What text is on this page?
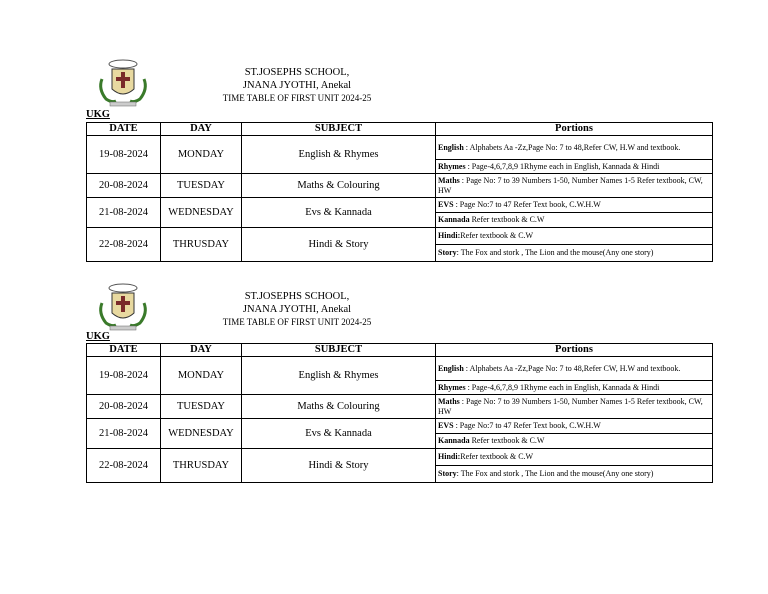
ST.JOSEPHS SCHOOL,
JNANA JYOTHI, Anekal
TIME TABLE OF FIRST UNIT 2024-25
UKG
DATE	DAY	SUBJECT	Portions
19-08-2024	MONDAY	English & Rhymes	English : Alphabets Aa -Zz,Page No: 7 to 48,Refer CW, H.W and textbook.
			Rhymes : Page-4,6,7,8,9 1Rhyme each in English, Kannada & Hindi
20-08-2024	TUESDAY	Maths & Colouring	Maths : Page No: 7 to 39 Numbers 1-50, Number Names 1-5 Refer textbook, CW, HW
21-08-2024	WEDNESDAY	Evs & Kannada	EVS : Page No:7 to 47 Refer Text book, C.W.H.W
			Kannada Refer textbook & C.W
22-08-2024	THRUSDAY	Hindi & Story	Hindi:Refer textbook & C.W
			Story: The Fox and stork , The Lion and the mouse(Any one story)
ST.JOSEPHS SCHOOL,
JNANA JYOTHI, Anekal
TIME TABLE OF FIRST UNIT 2024-25
UKG
DATE	DAY	SUBJECT	Portions
19-08-2024	MONDAY	English & Rhymes	English : Alphabets Aa -Zz,Page No: 7 to 48,Refer CW, H.W and textbook.
			Rhymes : Page-4,6,7,8,9 1Rhyme each in English, Kannada & Hindi
20-08-2024	TUESDAY	Maths & Colouring	Maths : Page No: 7 to 39 Numbers 1-50, Number Names 1-5 Refer textbook, CW, HW
21-08-2024	WEDNESDAY	Evs & Kannada	EVS : Page No:7 to 47 Refer Text book, C.W.H.W
			Kannada Refer textbook & C.W
22-08-2024	THRUSDAY	Hindi & Story	Hindi:Refer textbook & C.W
			Story: The Fox and stork , The Lion and the mouse(Any one story)
